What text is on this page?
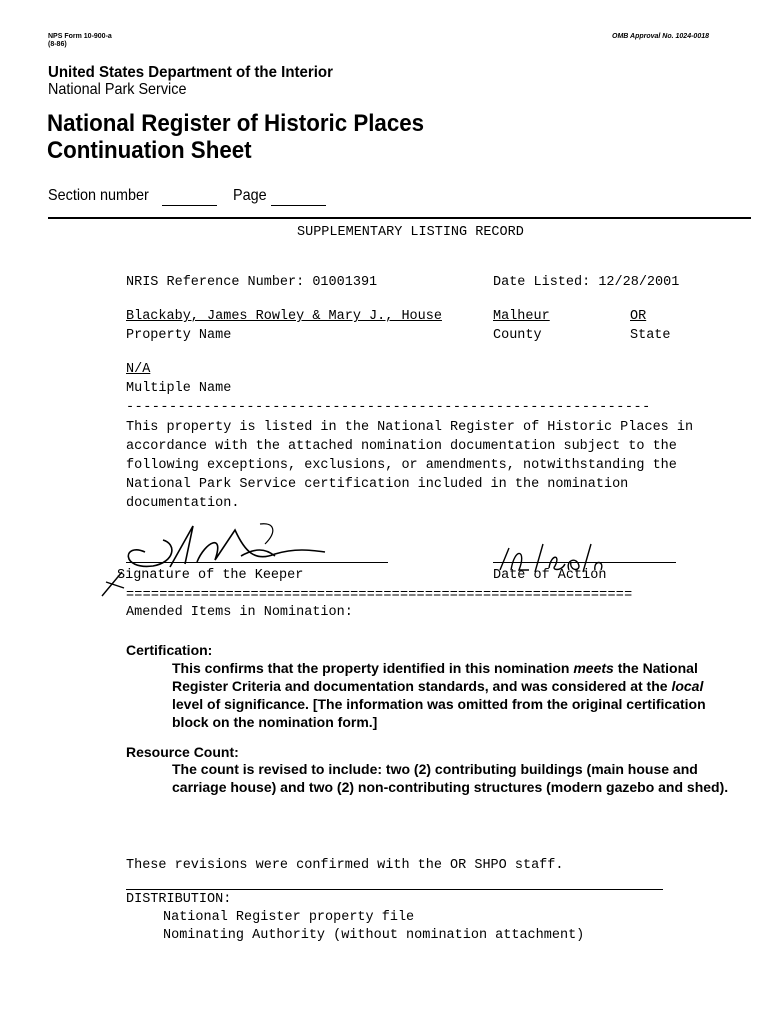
NPS Form 10-900-a
(8-86)
OMB Approval No. 1024-0018
United States Department of the Interior
National Park Service
National Register of Historic Places
Continuation Sheet
Section number	Page
SUPPLEMENTARY LISTING RECORD
NRIS Reference Number: 01001391	Date Listed: 12/28/2001
Blackaby, James Rowley & Mary J., House	Malheur	OR
Property Name	County	State
N/A
Multiple Name
-------------------------------------------------------------
This property is listed in the National Register of Historic Places in accordance with the attached nomination documentation subject to the following exceptions, exclusions, or amendments, notwithstanding the National Park Service certification included in the nomination documentation.
Signature of the Keeper	Date of Action
=============================================================
Amended Items in Nomination:
Certification:
This confirms that the property identified in this nomination meets the National Register Criteria and documentation standards, and was considered at the local level of significance. [The information was omitted from the original certification block on the nomination form.]
Resource Count:
The count is revised to include: two (2) contributing buildings (main house and carriage house) and two (2) non-contributing structures (modern gazebo and shed).
These revisions were confirmed with the OR SHPO staff.
DISTRIBUTION:
National Register property file
Nominating Authority (without nomination attachment)
